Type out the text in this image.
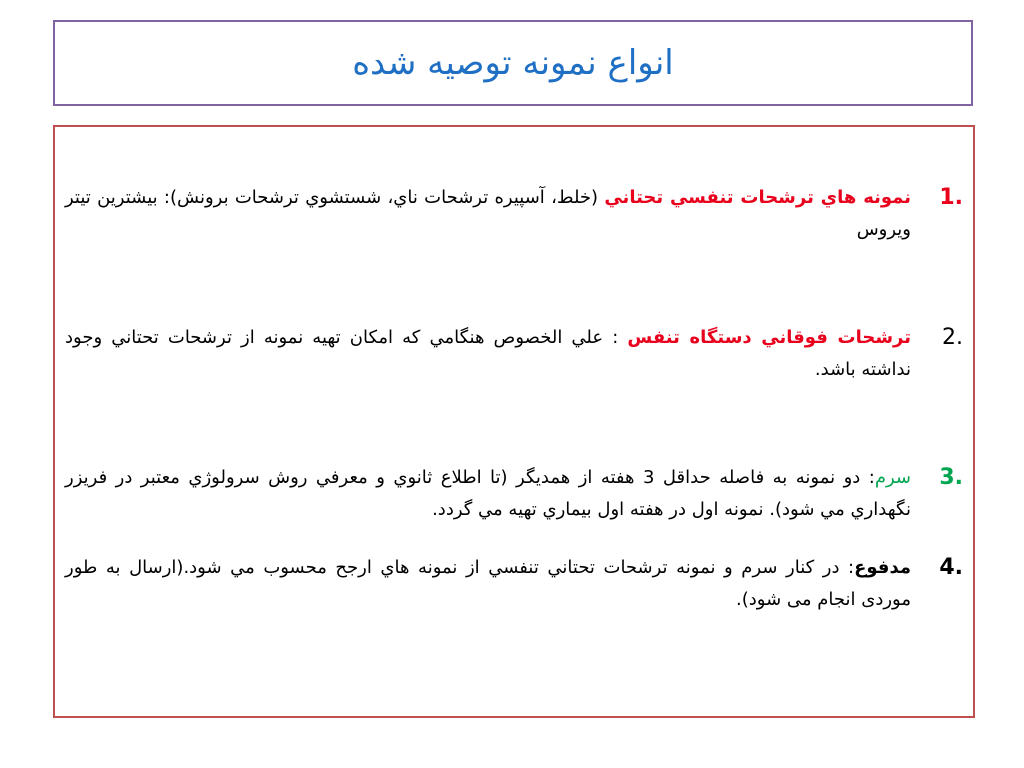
انواع نمونه توصيه شده
1.
نمونه هاي ترشحات تنفسي تحتاني (خلط، آسپيره ترشحات ناي، شستشوي ترشحات برونش): بيشترين تيتر ويروس
2.
ترشحات فوقاني دستگاه تنفس : علي الخصوص هنگامي كه امكان تهيه نمونه از ترشحات تحتاني وجود نداشته باشد.
3.
سرم: دو نمونه به فاصله حداقل 3 هفته از همديگر (تا اطلاع ثانوي و معرفي روش سرولوژي معتبر در فريزر نگهداري مي شود). نمونه اول در هفته اول بيماري تهيه مي گردد.
4.
مدفوع: در كنار سرم و نمونه ترشحات تحتاني تنفسي از نمونه هاي ارجح محسوب مي شود.(ارسال به طور موردی انجام می شود).
